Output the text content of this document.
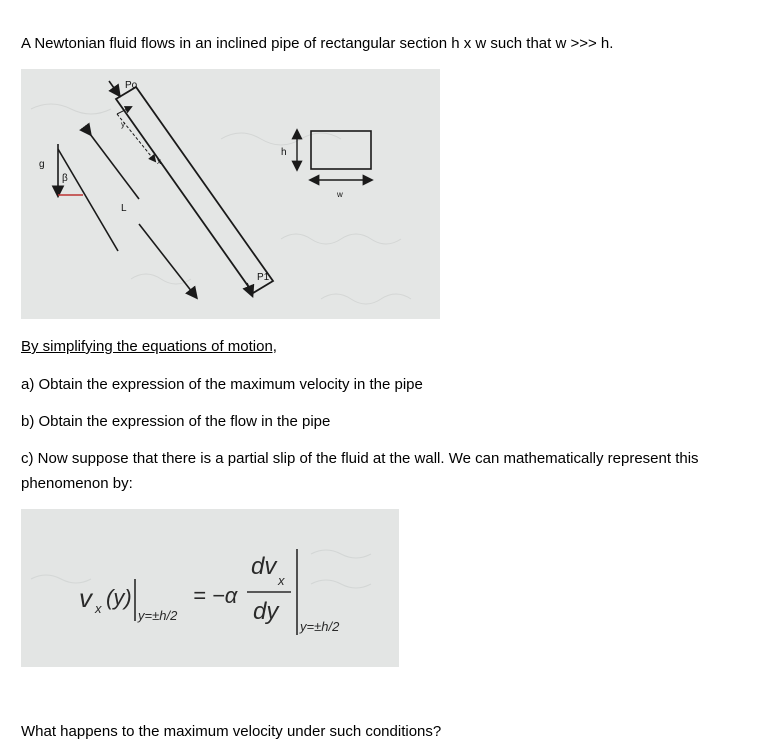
A Newtonian fluid flows in an inclined pipe of rectangular section h x w such that w >>> h.
g
β
L
y
x
Po
P1
h
w
By simplifying the equations of motion,
a) Obtain the expression of the maximum velocity in the pipe
b) Obtain the expression of the flow in the pipe
c) Now suppose that there is a partial slip of the fluid at the wall. We can mathematically represent this phenomenon by:
v x (y)
y=±h/2
= −α
dv
x
dy
y=±h/2
What happens to the maximum velocity under such conditions?
